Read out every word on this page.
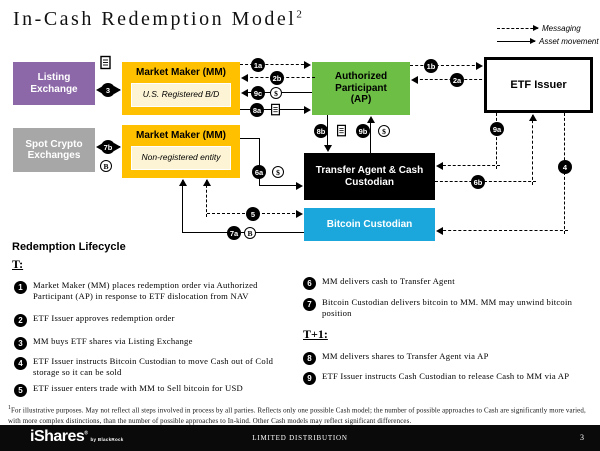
In-Cash Redemption Model$^2$
Messaging
Asset movement
Listing Exchange
Market Maker (MM)
U.S. Registered B/D
Authorized Participant (AP)
ETF Issuer
Spot Crypto Exchanges
Market Maker (MM)
Non-registered entity
Transfer Agent & Cash Custodian
Bitcoin Custodian
3
1a
2b
9c	$
8a
1b
2a
8b	9b	$
7b
B
6a	$
5
7a	B
9a
6b
4
Redemption Lifecycle
T:
1	Market Maker (MM) places redemption order via Authorized Participant (AP) in response to ETF dislocation from NAV
2	ETF Issuer approves redemption order
3	MM buys ETF shares via Listing Exchange
4	ETF Issuer instructs Bitcoin Custodian to move Cash out of Cold storage so it can be sold
5	ETF issuer enters trade with MM to Sell bitcoin for USD
6	MM delivers cash to Transfer Agent
7	Bitcoin Custodian delivers bitcoin to MM. MM may unwind bitcoin position
T+1:
8	MM delivers shares to Transfer Agent via AP
9	ETF Issuer instructs Cash Custodian to release Cash to MM via AP
$^1$For illustrative purposes. May not reflect all steps involved in process by all parties. Reflects only one possible Cash model; the number of possible approaches to Cash are significantly more varied, with more complex distinctions, than the number of possible approaches to In-kind. Other Cash models may reflect significant differences.
iShares®by BlackRock	LIMITED DISTRIBUTION	3
